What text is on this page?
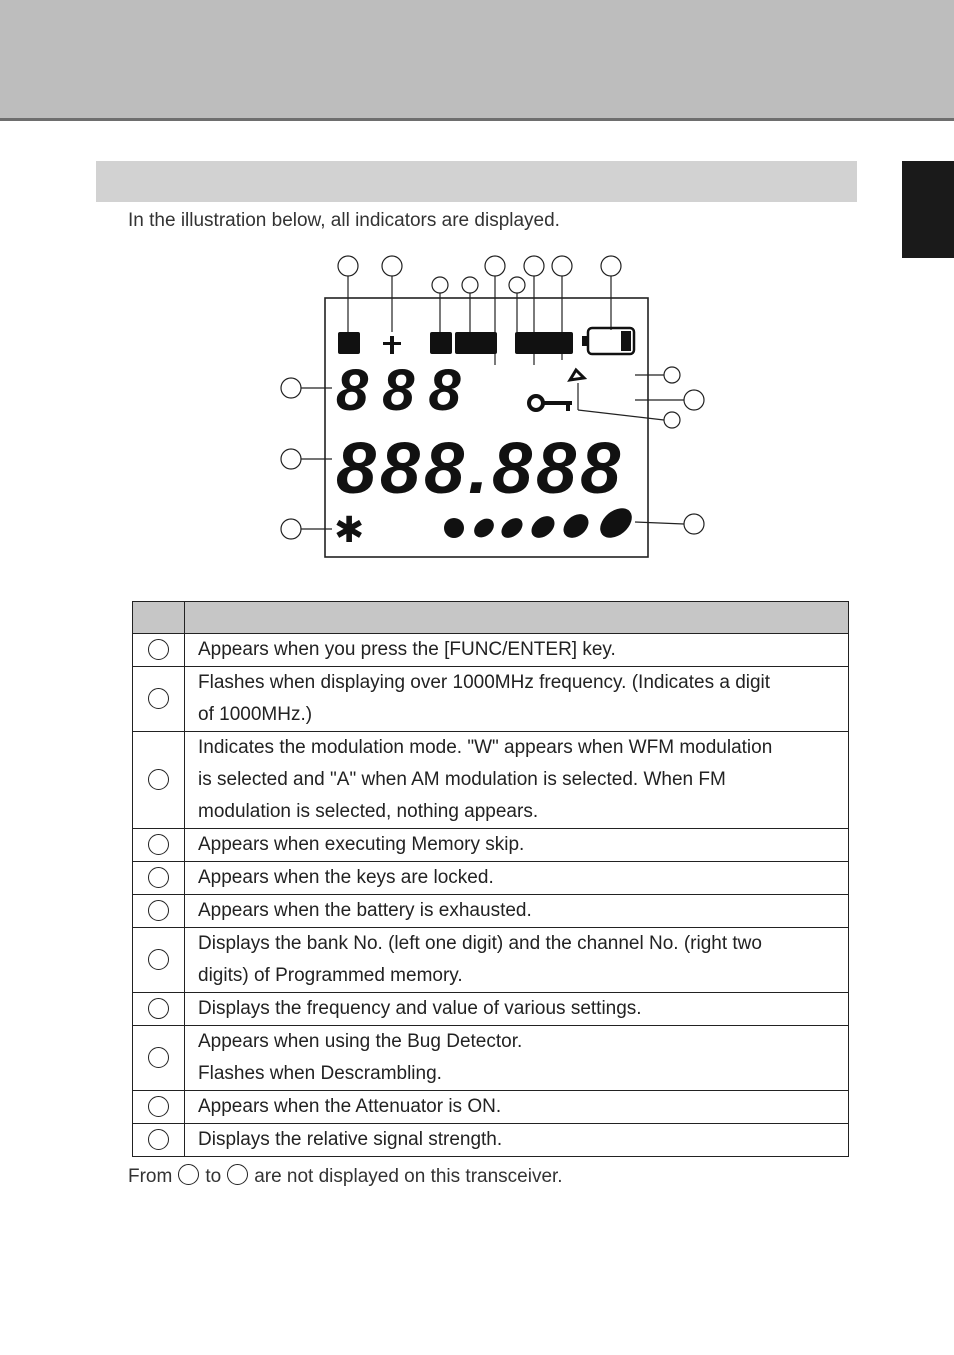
In the illustration below, all indicators are displayed.
888
888.888
✱

	Appears when you press the [FUNC/ENTER] key.
	Flashes when displaying over 1000MHz frequency. (Indicates a digit
of 1000MHz.)
	Indicates the modulation mode. "W" appears when WFM modulation
is selected and "A" when AM modulation is selected. When FM
modulation is selected, nothing appears.
	Appears when executing Memory skip.
	Appears when the keys are locked.
	Appears when the battery is exhausted.
	Displays the bank No. (left one digit) and the channel No. (right two
digits) of Programmed memory.
	Displays the frequency and value of various settings.
	Appears when using the Bug Detector.
Flashes when Descrambling.
	Appears when the Attenuator is ON.
	Displays the relative signal strength.
From to are not displayed on this transceiver.
